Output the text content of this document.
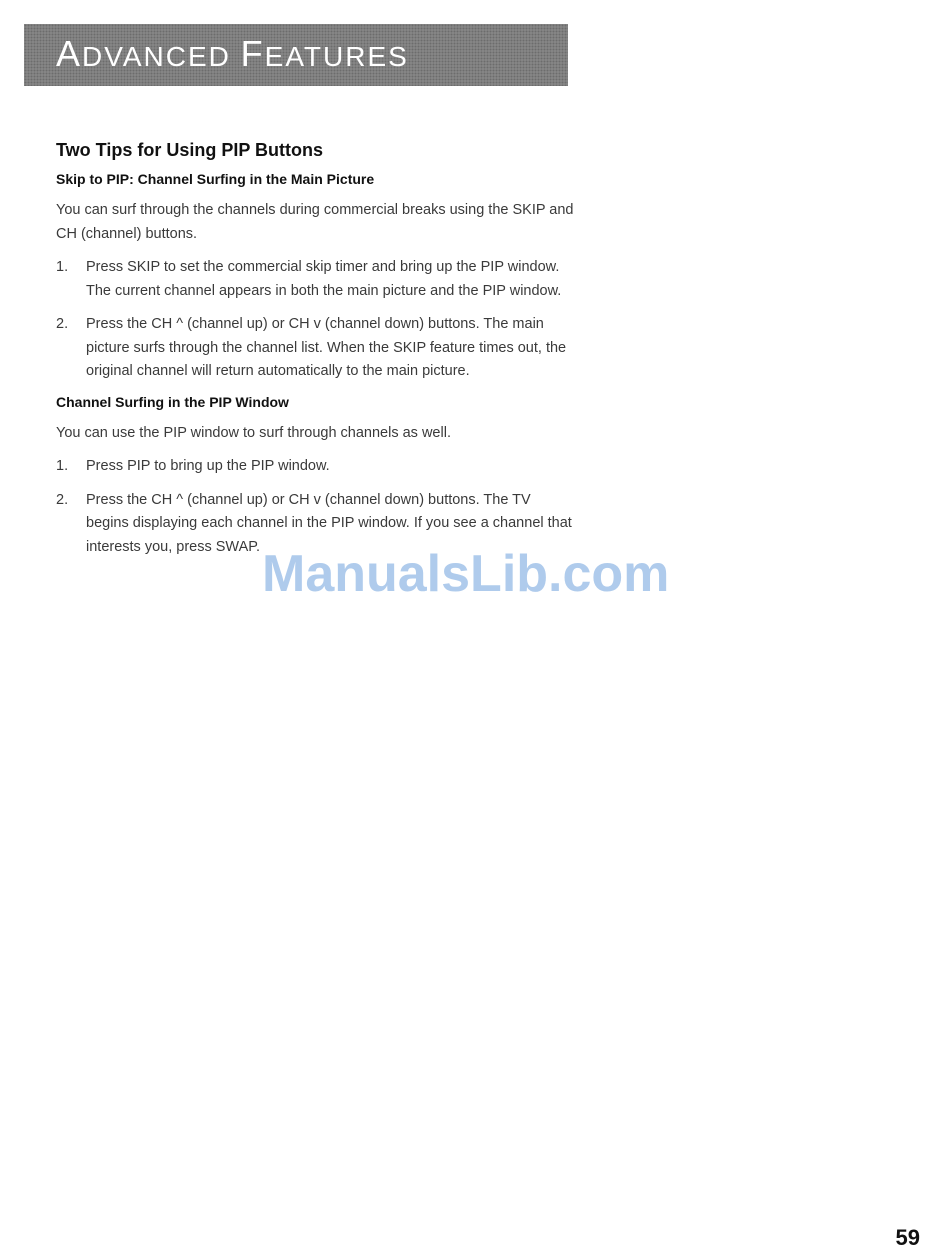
ADVANCED FEATURES
Two Tips for Using PIP Buttons
Skip to PIP: Channel Surfing in the Main Picture

You can surf through the channels during commercial breaks using the SKIP and CH (channel) buttons.

1. Press SKIP to set the commercial skip timer and bring up the PIP window. The current channel appears in both the main picture and the PIP window.
2. Press the CH ^ (channel up) or CH v (channel down) buttons. The main picture surfs through the channel list. When the SKIP feature times out, the original channel will return automatically to the main picture.
Channel Surfing in the PIP Window

You can use the PIP window to surf through channels as well.

1. Press PIP to bring up the PIP window.
2. Press the CH ^ (channel up) or CH v (channel down) buttons. The TV begins displaying each channel in the PIP window. If you see a channel that interests you, press SWAP. ManualsLib.com

59
